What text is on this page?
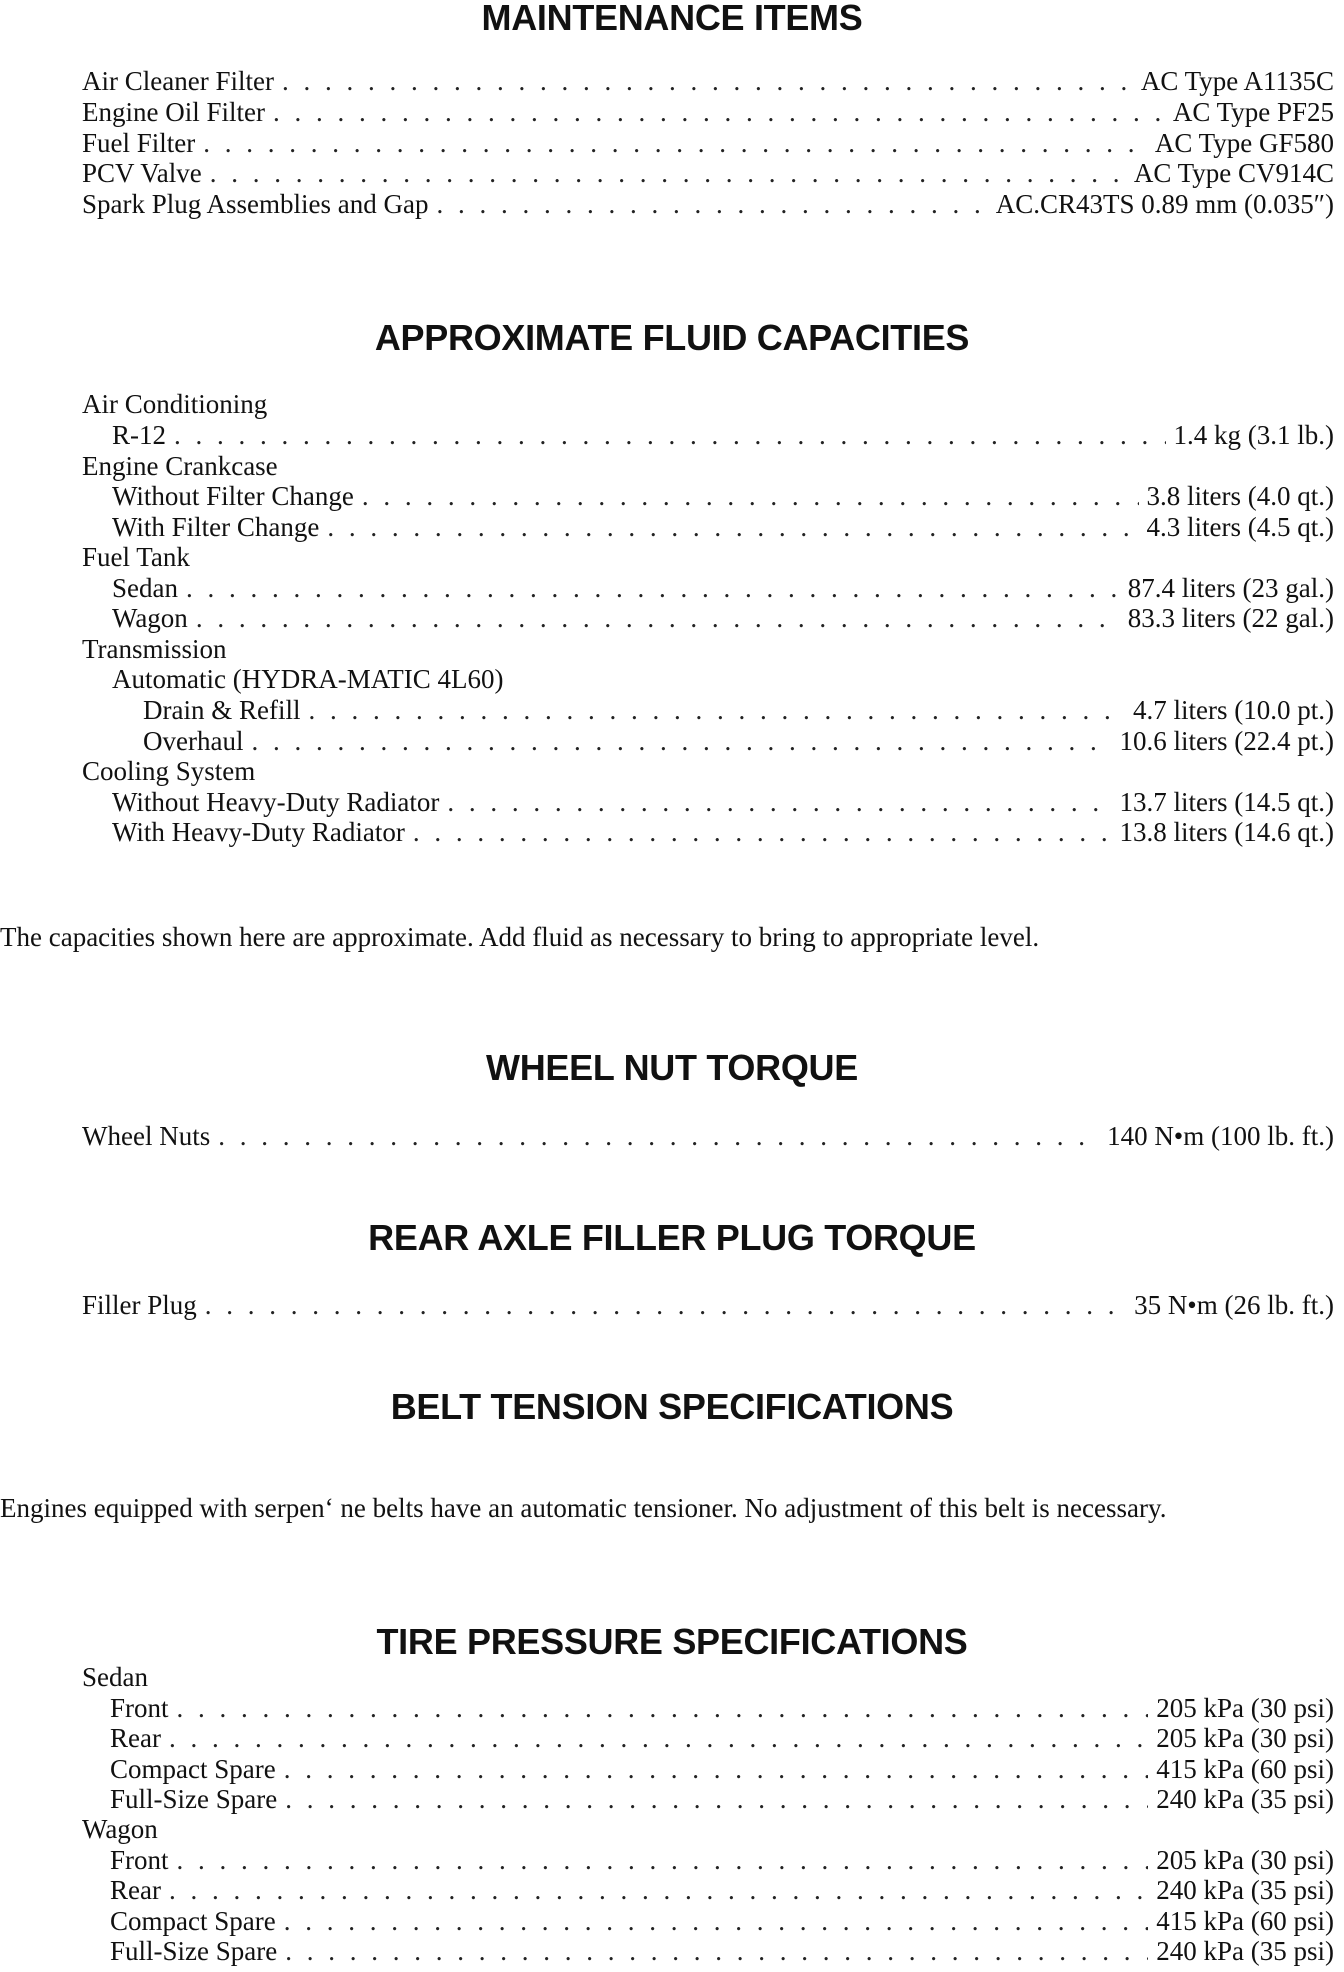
MAINTENANCE ITEMS
Air Cleaner Filter . . .	AC Type A1135C
Engine Oil Filter . . .	AC Type PF25
Fuel Filter . . .	AC Type GF580
PCV Valve . . .	AC Type CV914C
Spark Plug Assemblies and Gap . . .	AC.CR43TS 0.89 mm (0.035″)
APPROXIMATE FLUID CAPACITIES
Air Conditioning
R-12 . . .	1.4 kg (3.1 lb.)
Engine Crankcase
Without Filter Change . . .	3.8 liters (4.0 qt.)
With Filter Change . . .	4.3 liters (4.5 qt.)
Fuel Tank
Sedan . . .	87.4 liters (23 gal.)
Wagon . . .	83.3 liters (22 gal.)
Transmission
Automatic (HYDRA-MATIC 4L60)
Drain & Refill . . .	4.7 liters (10.0 pt.)
Overhaul . . .	10.6 liters (22.4 pt.)
Cooling System
Without Heavy-Duty Radiator . . .	13.7 liters (14.5 qt.)
With Heavy-Duty Radiator . . .	13.8 liters (14.6 qt.)
The capacities shown here are approximate. Add fluid as necessary to bring to appropriate level.
WHEEL NUT TORQUE
Wheel Nuts . . .	140 N•m (100 lb. ft.)
REAR AXLE FILLER PLUG TORQUE
Filler Plug . . .	35 N•m (26 lb. ft.)
BELT TENSION SPECIFICATIONS
Engines equipped with serpen‘ ne belts have an automatic tensioner. No adjustment of this belt is necessary.
TIRE PRESSURE SPECIFICATIONS
Sedan
Front . . .	205 kPa (30 psi)
Rear . . .	205 kPa (30 psi)
Compact Spare . . .	415 kPa (60 psi)
Full-Size Spare . . .	240 kPa (35 psi)
Wagon
Front . . .	205 kPa (30 psi)
Rear . . .	240 kPa (35 psi)
Compact Spare . . .	415 kPa (60 psi)
Full-Size Spare . . .	240 kPa (35 psi)
